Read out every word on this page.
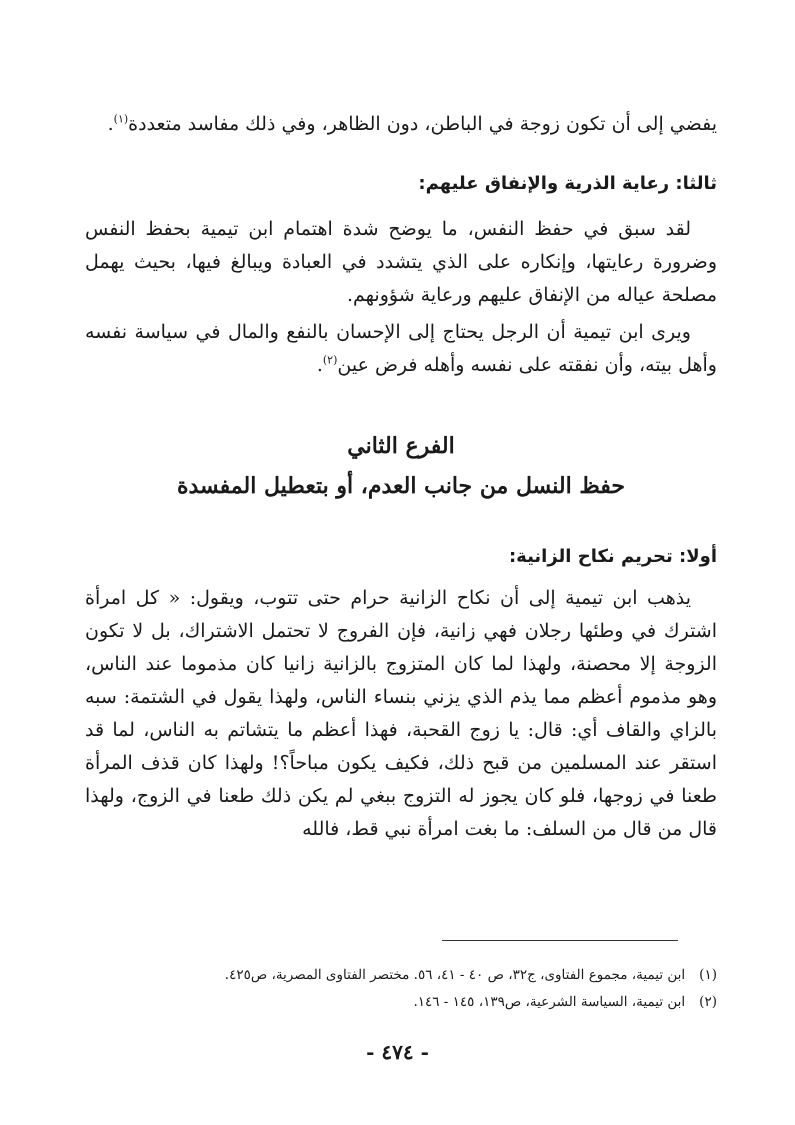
يفضي إلى أن تكون زوجة في الباطن، دون الظاهر، وفي ذلك مفاسد متعددة$^{(١)}$.

ثالثا: رعاية الذرية والإنفاق عليهم:

لقد سبق في حفظ النفس، ما يوضح شدة اهتمام ابن تيمية بحفظ النفس وضرورة رعايتها، وإنكاره على الذي يتشدد في العبادة ويبالغ فيها، بحيث يهمل مصلحة عياله من الإنفاق عليهم ورعاية شؤونهم.

ويرى ابن تيمية أن الرجل يحتاج إلى الإحسان بالنفع والمال في سياسة نفسه وأهل بيته، وأن نفقته على نفسه وأهله فرض عين$^{(٢)}$.

الفرع الثاني

حفظ النسل من جانب العدم، أو بتعطيل المفسدة

أولا: تحريم نكاح الزانية:

يذهب ابن تيمية إلى أن نكاح الزانية حرام حتى تتوب، ويقول: « كل امرأة اشترك في وطئها رجلان فهي زانية، فإن الفروج لا تحتمل الاشتراك، بل لا تكون الزوجة إلا محصنة، ولهذا لما كان المتزوج بالزانية زانيا كان مذموما عند الناس، وهو مذموم أعظم مما يذم الذي يزني بنساء الناس، ولهذا يقول في الشتمة: سبه بالزاي والقاف أي: قال: يا زوج القحبة، فهذا أعظم ما يتشاتم به الناس، لما قد استقر عند المسلمين من قبح ذلك، فكيف يكون مباحاً؟! ولهذا كان قذف المرأة طعنا في زوجها، فلو كان يجوز له التزوج ببغي لم يكن ذلك طعنا في الزوج، ولهذا قال من قال من السلف: ما بغت امرأة نبي قط، فالله

(١)
ابن تيمية، مجموع الفتاوى، ج٣٢، ص ٤٠ - ٤١، ٥٦. مختصر الفتاوى المصرية، ص٤٢٥.
(٢)
ابن تيمية، السياسة الشرعية، ص١٣٩، ١٤٥ - ١٤٦.
- ٤٧٤ -
